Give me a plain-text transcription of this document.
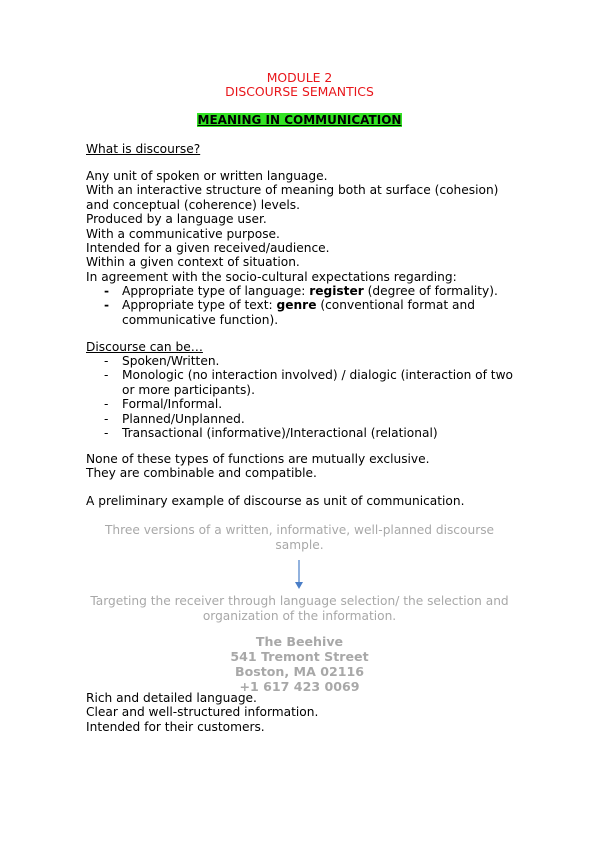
MODULE 2
DISCOURSE SEMANTICS
MEANING IN COMMUNICATION
What is discourse?
Any unit of spoken or written language.
With an interactive structure of meaning both at surface (cohesion)
and conceptual (coherence) levels.
Produced by a language user.
With a communicative purpose.
Intended for a given received/audience.
Within a given context of situation.
In agreement with the socio-cultural expectations regarding:
- Appropriate type of language: register (degree of formality).
- Appropriate type of text: genre (conventional format and communicative function).
Discourse can be…
- Spoken/Written.
- Monologic (no interaction involved) / dialogic (interaction of two or more participants).
- Formal/Informal.
- Planned/Unplanned.
- Transactional (informative)/Interactional (relational)
None of these types of functions are mutually exclusive.
They are combinable and compatible.
A preliminary example of discourse as unit of communication.
Three versions of a written, informative, well-planned discourse sample.
Targeting the receiver through language selection/ the selection and organization of the information.
The Beehive
541 Tremont Street
Boston, MA 02116
+1 617 423 0069
Rich and detailed language.
Clear and well-structured information.
Intended for their customers.
